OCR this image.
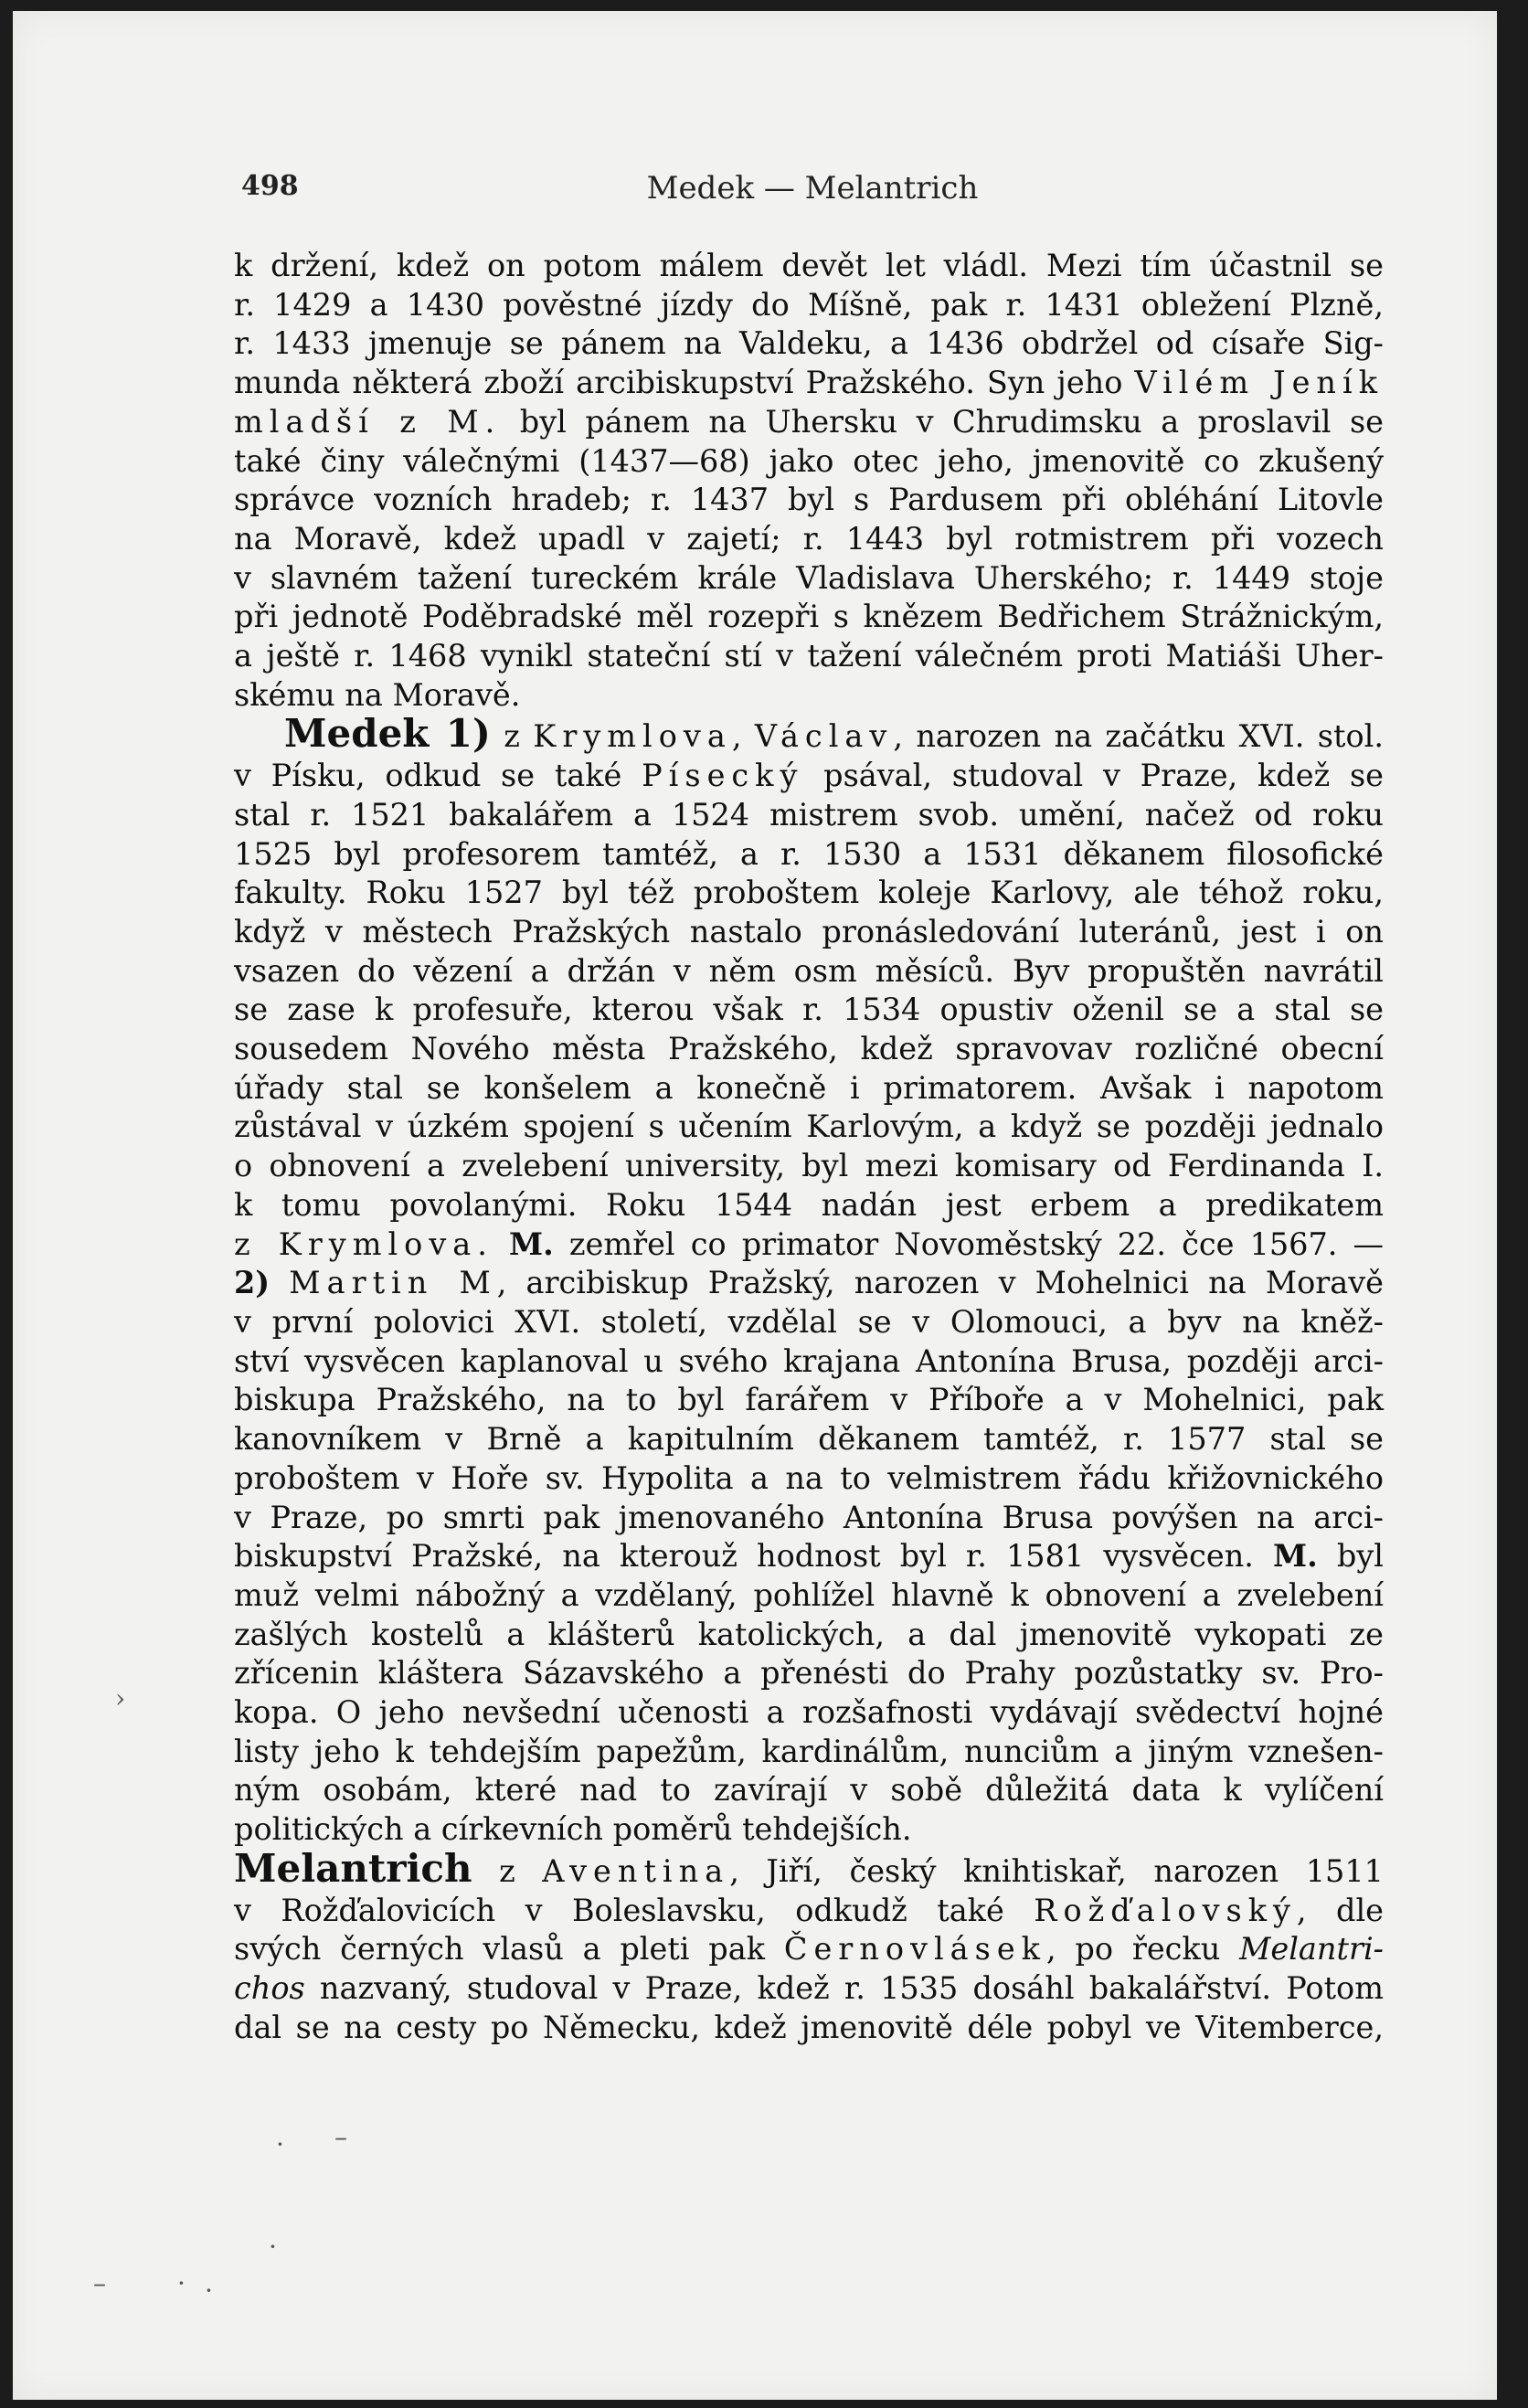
498	Medek — Melantrich
k držení, kdež on potom málem devět let vládl. Mezi tím účastnil se
r. 1429 a 1430 pověstné jízdy do Míšně, pak r. 1431 obležení Plzně,
r. 1433 jmenuje se pánem na Valdeku, a 1436 obdržel od císaře Sig-
munda některá zboží arcibiskupství Pražského. Syn jeho Vilém Jeník
mladší z M. byl pánem na Uhersku v Chrudimsku a proslavil se
také činy válečnými (1437—68) jako otec jeho, jmenovitě co zkušený
správce vozních hradeb; r. 1437 byl s Pardusem při obléhání Litovle
na Moravě, kdež upadl v zajetí; r. 1443 byl rotmistrem při vozech
v slavném tažení tureckém krále Vladislava Uherského; r. 1449 stoje
při jednotě Poděbradské měl rozepři s knězem Bedřichem Strážnickým,
a ještě r. 1468 vynikl stateční stí v tažení válečném proti Matiáši Uher-
skému na Moravě.
Medek 1) z Krymlova, Václav, narozen na začátku XVI. stol.
v Písku, odkud se také Písecký psával, studoval v Praze, kdež se
stal r. 1521 bakalářem a 1524 mistrem svob. umění, načež od roku
1525 byl profesorem tamtéž, a r. 1530 a 1531 děkanem filosofické
fakulty. Roku 1527 byl též proboštem koleje Karlovy, ale téhož roku,
když v městech Pražských nastalo pronásledování luteránů, jest i on
vsazen do vězení a držán v něm osm měsíců. Byv propuštěn navrátil
se zase k profesuře, kterou však r. 1534 opustiv oženil se a stal se
sousedem Nového města Pražského, kdež spravovav rozličné obecní
úřady stal se konšelem a konečně i primatorem. Avšak i napotom
zůstával v úzkém spojení s učením Karlovým, a když se později jednalo
o obnovení a zvelebení university, byl mezi komisary od Ferdinanda I.
k tomu povolanými. Roku 1544 nadán jest erbem a predikatem
z Krymlova. M. zemřel co primator Novoměstský 22. čce 1567. —
2) Martin M, arcibiskup Pražský, narozen v Mohelnici na Moravě
v první polovici XVI. století, vzdělal se v Olomouci, a byv na kněž-
ství vysvěcen kaplanoval u svého krajana Antonína Brusa, později arci-
biskupa Pražského, na to byl farářem v Příboře a v Mohelnici, pak
kanovníkem v Brně a kapitulním děkanem tamtéž, r. 1577 stal se
proboštem v Hoře sv. Hypolita a na to velmistrem řádu křižovnického
v Praze, po smrti pak jmenovaného Antonína Brusa povýšen na arci-
biskupství Pražské, na kterouž hodnost byl r. 1581 vysvěcen. M. byl
muž velmi nábožný a vzdělaný, pohlížel hlavně k obnovení a zvelebení
zašlých kostelů a klášterů katolických, a dal jmenovitě vykopati ze
zřícenin kláštera Sázavského a přenésti do Prahy pozůstatky sv. Pro-
kopa. O jeho nevšední učenosti a rozšafnosti vydávají svědectví hojné
listy jeho k tehdejším papežům, kardinálům, nunciům a jiným vznešen-
ným osobám, které nad to zavírají v sobě důležitá data k vylíčení
politických a církevních poměrů tehdejších.
Melantrich z Aventina, Jiří, český knihtiskař, narozen 1511
v Rožďalovicích v Boleslavsku, odkudž také Rožďalovský, dle
svých černých vlasů a pleti pak Černovlásek, po řecku Melantri-
chos nazvaný, studoval v Praze, kdež r. 1535 dosáhl bakalářství. Potom
dal se na cesty po Německu, kdež jmenovitě déle pobyl ve Vitemberce,
›
· –
·
–	· ·
